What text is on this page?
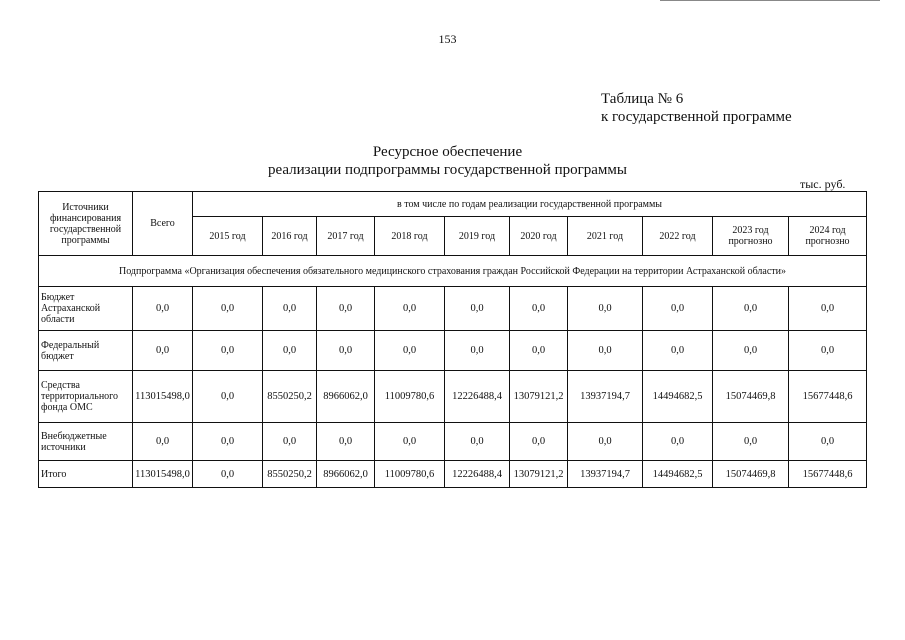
153
Таблица № 6
к государственной программе
Ресурсное обеспечение
реализации подпрограммы государственной программы
тыс. руб.
Источники финансирования государственной программы	Всего	в том числе по годам реализации государственной программы									
		2015 год	2016 год	2017 год	2018 год	2019 год	2020 год	2021 год	2022 год	2023 год прогнозно	2024 год прогнозно
Подпрограмма «Организация обеспечения обязательного медицинского страхования граждан Российской Федерации на территории Астраханской области»											
Бюджет Астраханской области	0,0	0,0	0,0	0,0	0,0	0,0	0,0	0,0	0,0	0,0	0,0
Федеральный бюджет	0,0	0,0	0,0	0,0	0,0	0,0	0,0	0,0	0,0	0,0	0,0
Средства территориального фонда ОМС	113015498,0	0,0	8550250,2	8966062,0	11009780,6	12226488,4	13079121,2	13937194,7	14494682,5	15074469,8	15677448,6
Внебюджетные источники	0,0	0,0	0,0	0,0	0,0	0,0	0,0	0,0	0,0	0,0	0,0
Итого	113015498,0	0,0	8550250,2	8966062,0	11009780,6	12226488,4	13079121,2	13937194,7	14494682,5	15074469,8	15677448,6
